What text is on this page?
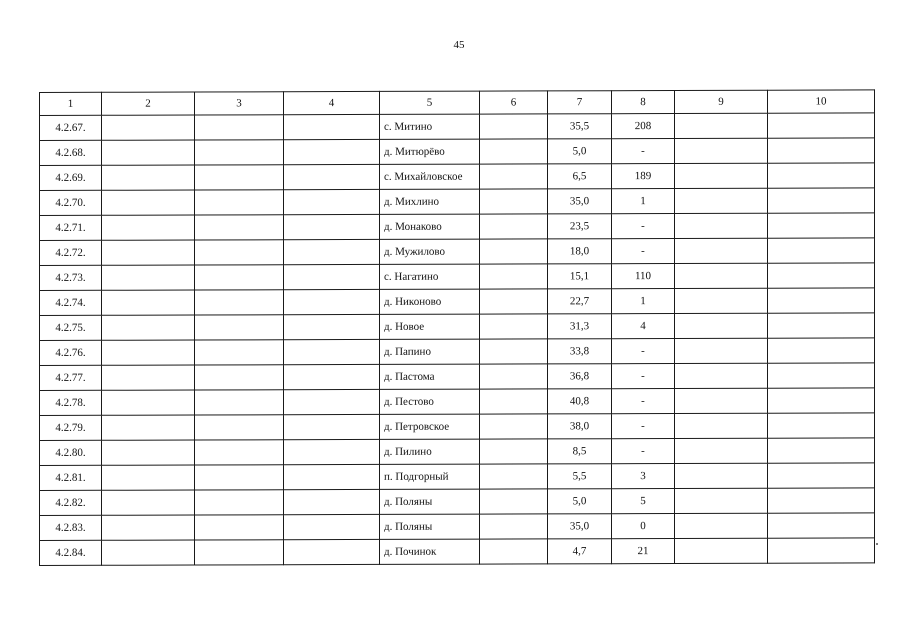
45
1	2	3	4	5	6	7	8	9	10
4.2.67.				с. Митино		35,5	208		
4.2.68.				д. Митюрёво		5,0	-		
4.2.69.				с. Михайловское		6,5	189		
4.2.70.				д. Михлино		35,0	1		
4.2.71.				д. Монаково		23,5	-		
4.2.72.				д. Мужилово		18,0	-		
4.2.73.				с. Нагатино		15,1	110		
4.2.74.				д. Никоново		22,7	1		
4.2.75.				д. Новое		31,3	4		
4.2.76.				д. Папино		33,8	-		
4.2.77.				д. Пастома		36,8	-		
4.2.78.				д. Пестово		40,8	-		
4.2.79.				д. Петровское		38,0	-		
4.2.80.				д. Пилино		8,5	-		
4.2.81.				п. Подгорный		5,5	3		
4.2.82.				д. Поляны		5,0	5		
4.2.83.				д. Поляны		35,0	0		
4.2.84.				д. Починок		4,7	21		
